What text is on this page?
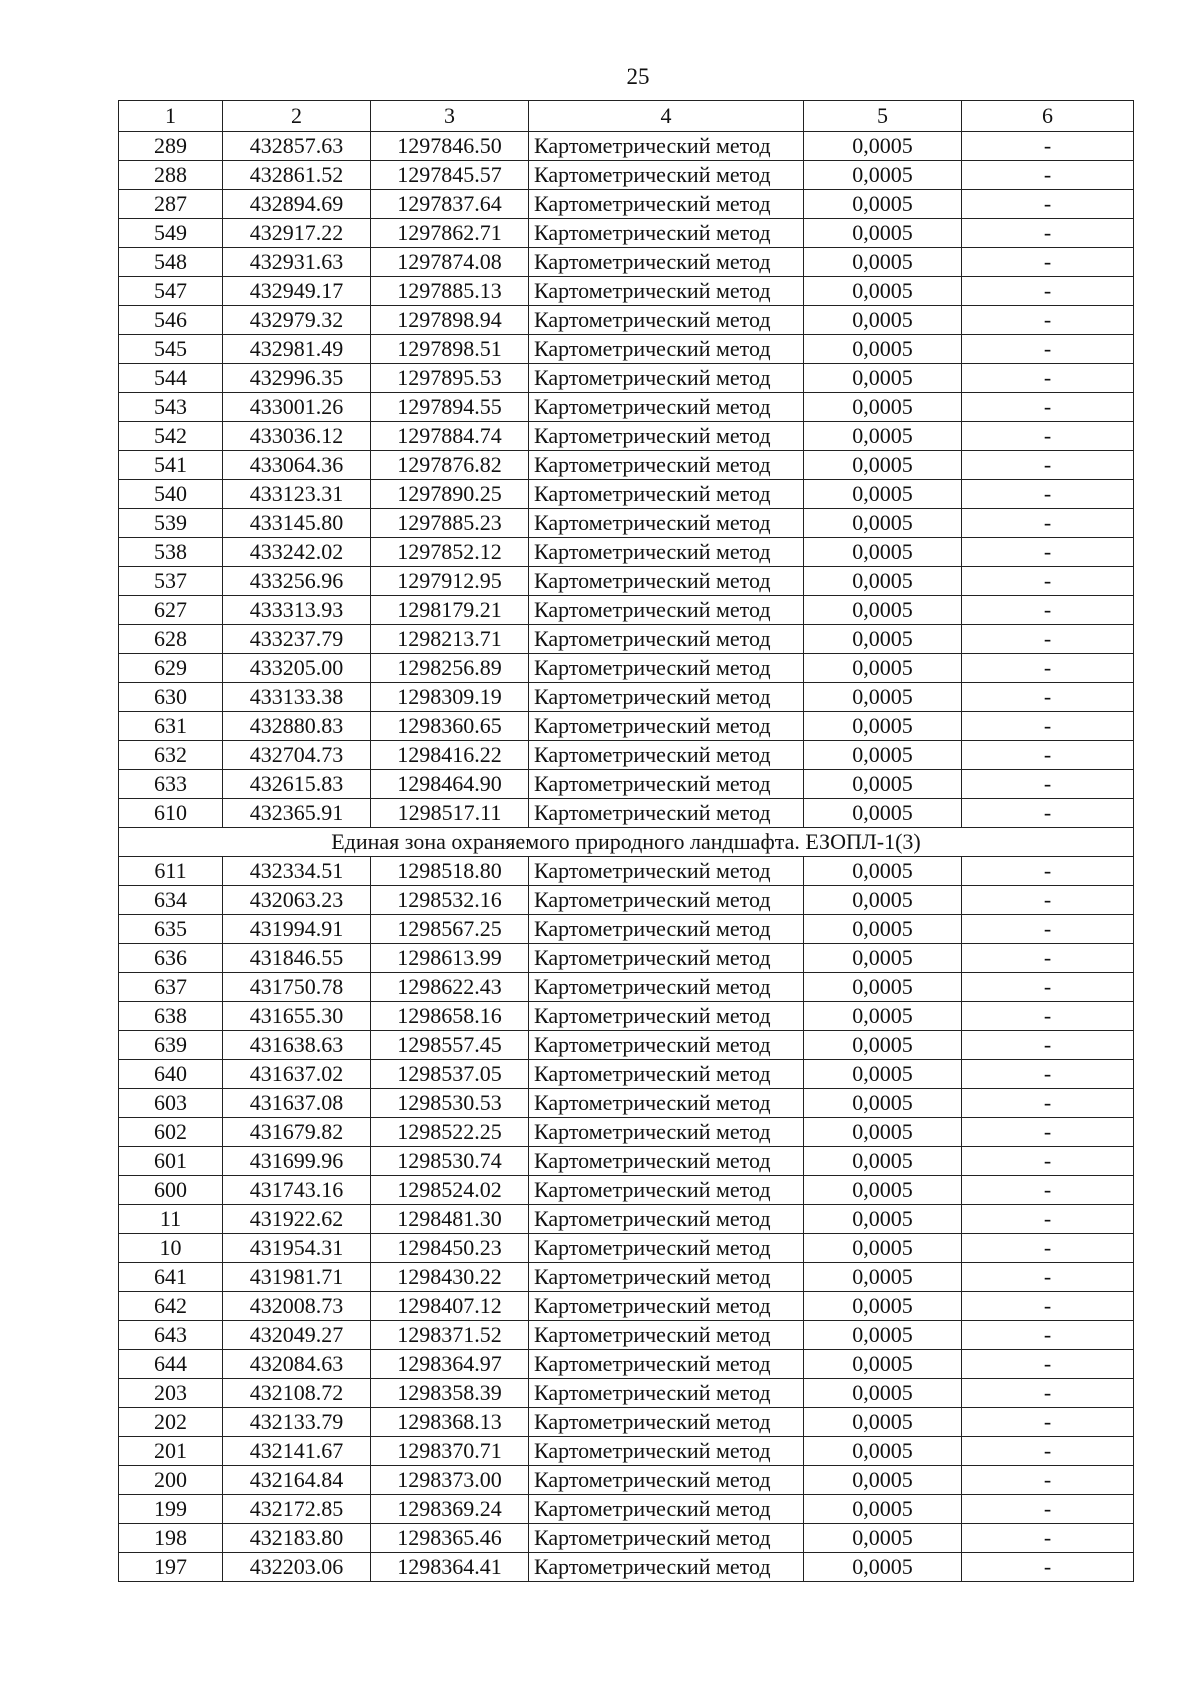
25
1	2	3	4	5	6
289	432857.63	1297846.50	Картометрический метод	0,0005	-
288	432861.52	1297845.57	Картометрический метод	0,0005	-
287	432894.69	1297837.64	Картометрический метод	0,0005	-
549	432917.22	1297862.71	Картометрический метод	0,0005	-
548	432931.63	1297874.08	Картометрический метод	0,0005	-
547	432949.17	1297885.13	Картометрический метод	0,0005	-
546	432979.32	1297898.94	Картометрический метод	0,0005	-
545	432981.49	1297898.51	Картометрический метод	0,0005	-
544	432996.35	1297895.53	Картометрический метод	0,0005	-
543	433001.26	1297894.55	Картометрический метод	0,0005	-
542	433036.12	1297884.74	Картометрический метод	0,0005	-
541	433064.36	1297876.82	Картометрический метод	0,0005	-
540	433123.31	1297890.25	Картометрический метод	0,0005	-
539	433145.80	1297885.23	Картометрический метод	0,0005	-
538	433242.02	1297852.12	Картометрический метод	0,0005	-
537	433256.96	1297912.95	Картометрический метод	0,0005	-
627	433313.93	1298179.21	Картометрический метод	0,0005	-
628	433237.79	1298213.71	Картометрический метод	0,0005	-
629	433205.00	1298256.89	Картометрический метод	0,0005	-
630	433133.38	1298309.19	Картометрический метод	0,0005	-
631	432880.83	1298360.65	Картометрический метод	0,0005	-
632	432704.73	1298416.22	Картометрический метод	0,0005	-
633	432615.83	1298464.90	Картометрический метод	0,0005	-
610	432365.91	1298517.11	Картометрический метод	0,0005	-
Единая зона охраняемого природного ландшафта. ЕЗОПЛ-1(3)					
611	432334.51	1298518.80	Картометрический метод	0,0005	-
634	432063.23	1298532.16	Картометрический метод	0,0005	-
635	431994.91	1298567.25	Картометрический метод	0,0005	-
636	431846.55	1298613.99	Картометрический метод	0,0005	-
637	431750.78	1298622.43	Картометрический метод	0,0005	-
638	431655.30	1298658.16	Картометрический метод	0,0005	-
639	431638.63	1298557.45	Картометрический метод	0,0005	-
640	431637.02	1298537.05	Картометрический метод	0,0005	-
603	431637.08	1298530.53	Картометрический метод	0,0005	-
602	431679.82	1298522.25	Картометрический метод	0,0005	-
601	431699.96	1298530.74	Картометрический метод	0,0005	-
600	431743.16	1298524.02	Картометрический метод	0,0005	-
11	431922.62	1298481.30	Картометрический метод	0,0005	-
10	431954.31	1298450.23	Картометрический метод	0,0005	-
641	431981.71	1298430.22	Картометрический метод	0,0005	-
642	432008.73	1298407.12	Картометрический метод	0,0005	-
643	432049.27	1298371.52	Картометрический метод	0,0005	-
644	432084.63	1298364.97	Картометрический метод	0,0005	-
203	432108.72	1298358.39	Картометрический метод	0,0005	-
202	432133.79	1298368.13	Картометрический метод	0,0005	-
201	432141.67	1298370.71	Картометрический метод	0,0005	-
200	432164.84	1298373.00	Картометрический метод	0,0005	-
199	432172.85	1298369.24	Картометрический метод	0,0005	-
198	432183.80	1298365.46	Картометрический метод	0,0005	-
197	432203.06	1298364.41	Картометрический метод	0,0005	-
